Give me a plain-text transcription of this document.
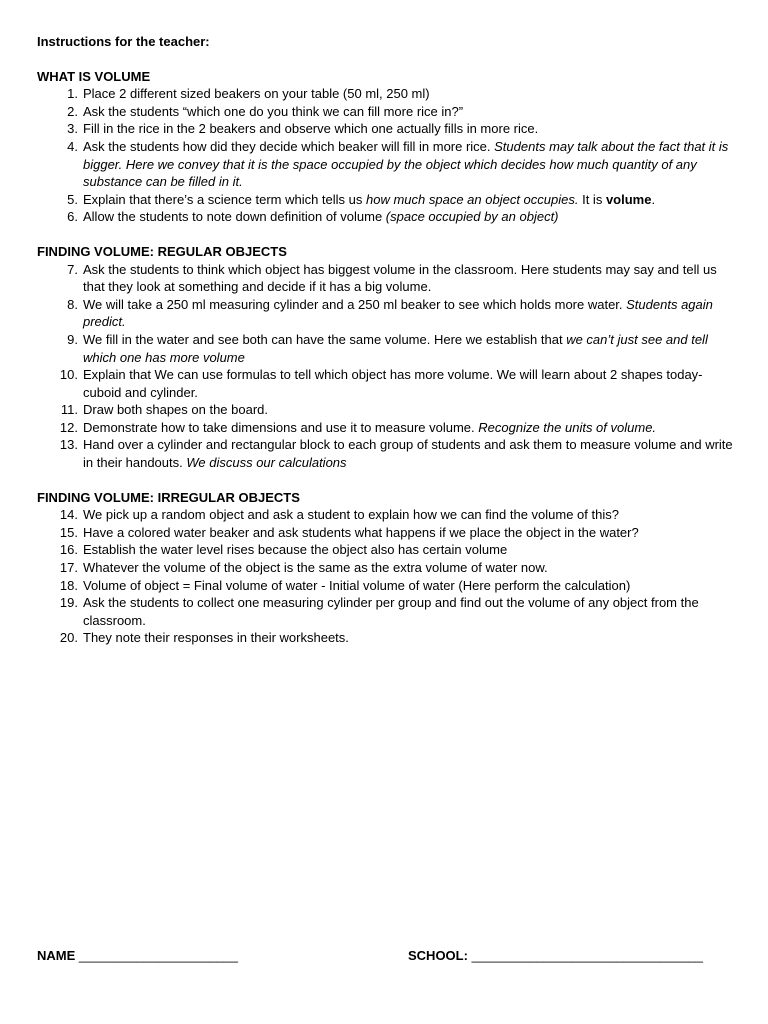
Instructions for the teacher:

WHAT IS VOLUME

1. Place 2 different sized beakers on your table (50 ml, 250 ml)
2. Ask the students “which one do you think we can fill more rice in?”
3. Fill in the rice in the 2 beakers and observe which one actually fills in more rice.
4. Ask the students how did they decide which beaker will fill in more rice. Students may talk about the fact that it is bigger. Here we convey that it is the space occupied by the object which decides how much quantity of any substance can be filled in it.
5. Explain that there’s a science term which tells us how much space an object occupies. It is volume.
6. Allow the students to note down definition of volume (space occupied by an object)

FINDING VOLUME: REGULAR OBJECTS

7. Ask the students to think which object has biggest volume in the classroom. Here students may say and tell us that they look at something and decide if it has a big volume.
8. We will take a 250 ml measuring cylinder and a 250 ml beaker to see which holds more water. Students again predict.
9. We fill in the water and see both can have the same volume. Here we establish that we can’t just see and tell which one has more volume
10. Explain that We can use formulas to tell which object has more volume. We will learn about 2 shapes today- cuboid and cylinder.
11. Draw both shapes on the board.
12. Demonstrate how to take dimensions and use it to measure volume. Recognize the units of volume.
13. Hand over a cylinder and rectangular block to each group of students and ask them to measure volume and write in their handouts. We discuss our calculations

FINDING VOLUME: IRREGULAR OBJECTS

14. We pick up a random object and ask a student to explain how we can find the volume of this?
15. Have a colored water beaker and ask students what happens if we place the object in the water?
16. Establish the water level rises because the object also has certain volume
17. Whatever the volume of the object is the same as the extra volume of water now.
18. Volume of object = Final volume of water - Initial volume of water (Here perform the calculation)
19. Ask the students to collect one measuring cylinder per group and find out the volume of any object from the classroom.
20. They note their responses in their worksheets.
NAME ______________________	SCHOOL: ________________________________
